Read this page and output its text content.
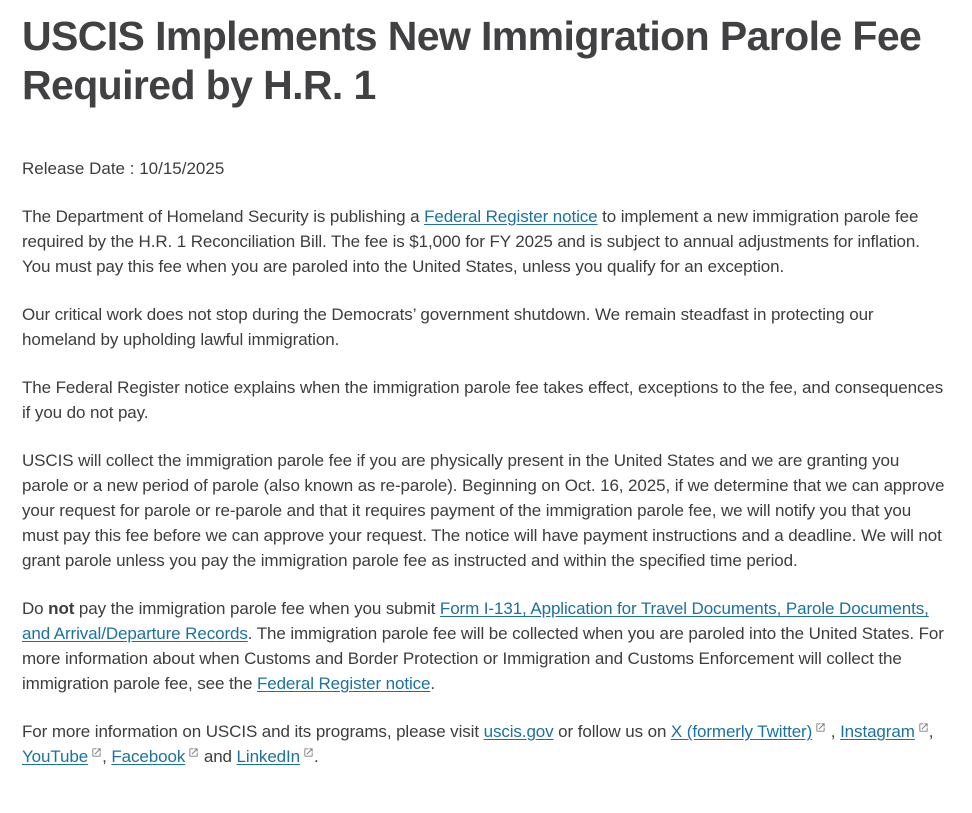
USCIS Implements New Immigration Parole Fee Required by H.R. 1

Release Date : 10/15/2025

The Department of Homeland Security is publishing a Federal Register notice to implement a new immigration parole fee required by the H.R. 1 Reconciliation Bill. The fee is $1,000 for FY 2025 and is subject to annual adjustments for inflation. You must pay this fee when you are paroled into the United States, unless you qualify for an exception.

Our critical work does not stop during the Democrats’ government shutdown. We remain steadfast in protecting our homeland by upholding lawful immigration.

The Federal Register notice explains when the immigration parole fee takes effect, exceptions to the fee, and consequences if you do not pay.

USCIS will collect the immigration parole fee if you are physically present in the United States and we are granting you parole or a new period of parole (also known as re-parole). Beginning on Oct. 16, 2025, if we determine that we can approve your request for parole or re-parole and that it requires payment of the immigration parole fee, we will notify you that you must pay this fee before we can approve your request. The notice will have payment instructions and a deadline. We will not grant parole unless you pay the immigration parole fee as instructed and within the specified time period.

Do not pay the immigration parole fee when you submit Form I-131, Application for Travel Documents, Parole Documents, and Arrival/Departure Records. The immigration parole fee will be collected when you are paroled into the United States. For more information about when Customs and Border Protection or Immigration and Customs Enforcement will collect the immigration parole fee, see the Federal Register notice.

For more information on USCIS and its programs, please visit uscis.gov or follow us on X (formerly Twitter) , Instagram , YouTube , Facebook and LinkedIn .
